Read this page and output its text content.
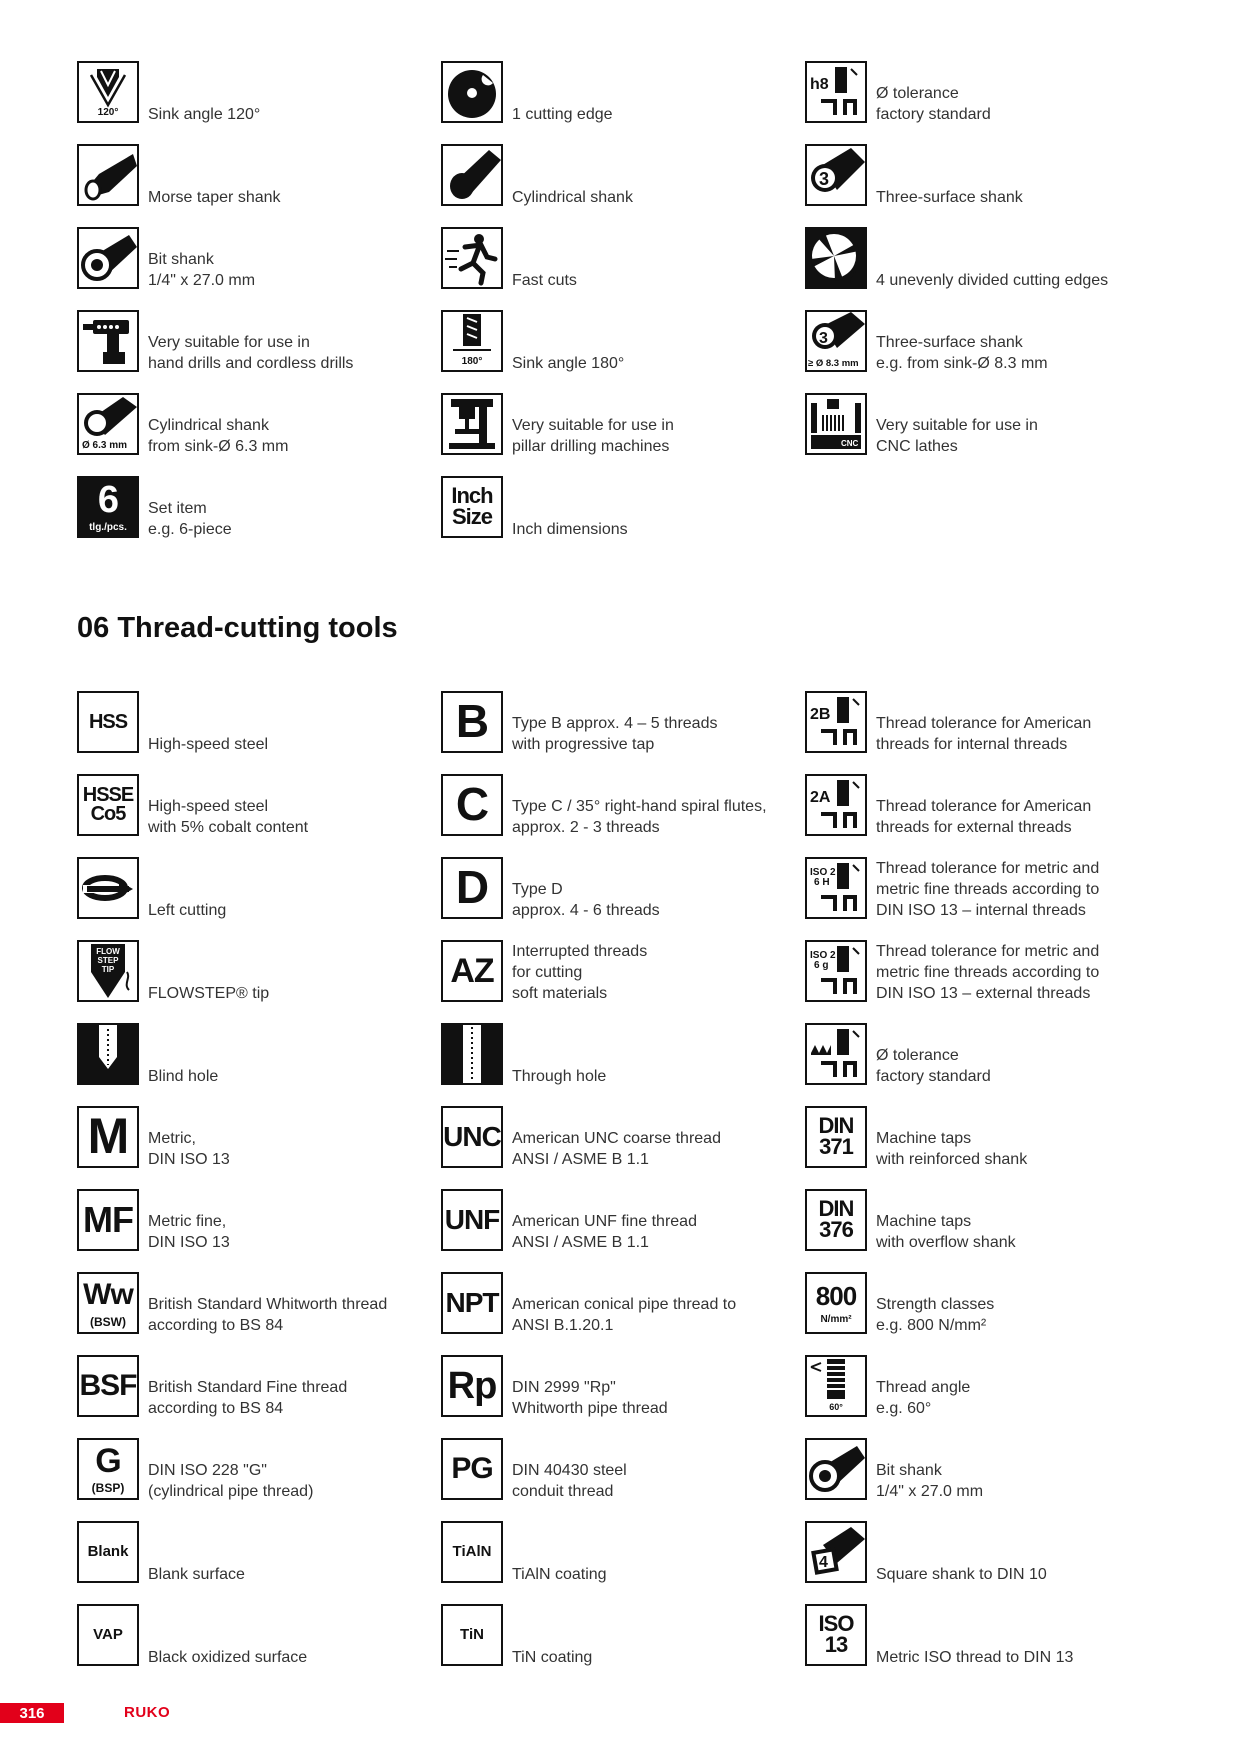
120°	Sink angle 120°	1 cutting edge
h8
Ø tolerance
factory standard
Morse taper shank	Cylindrical shank
3
Three-surface shank
Bit shank
1/4" x 27.0 mm	Fast cuts	4 unevenly divided cutting edges
Very suitable for use in
hand drills and cordless drills	180°	Sink angle 180°
3
≥ Ø 8.3 mm
Three-surface shank
e.g. from sink-Ø 8.3 mm
Ø 6.3 mm
Cylindrical shank
from sink-Ø 6.3 mm
Very suitable for use in
pillar drilling machines	CNC
Very suitable for use in
CNC lathes
6
tlg./pcs.
Set item
e.g. 6-piece
Inch
Size
Inch dimensions
06 Thread-cutting tools
HSS
High-speed steel	B Type B approx. 4 – 5 threads
with progressive tap
2B
Thread tolerance for American
threads for internal threads
HSSE
Co5	High-speed steel
with 5% cobalt content	C Type C / 35° right-hand spiral flutes,
approx. 2 - 3 threads
2A
Thread tolerance for American
threads for external threads
Left cutting	D Type D
approx. 4 - 6 threads
ISO 2 6 H
Thread tolerance for metric and
metric fine threads according to
DIN ISO 13 – internal threads
FLOW STEP TIP
FLOWSTEP® tip
AZ
Interrupted threads
for cutting
soft materials
ISO 2 6 g
Thread tolerance for metric and
metric fine threads according to
DIN ISO 13 – external threads
Blind hole	Through hole
Ø tolerance
factory standard
M Metric,
DIN ISO 13
UNC American UNC coarse thread
ANSI / ASME B 1.1
DIN
371 Machine taps
with reinforced shank
MF Metric fine,
DIN ISO 13
UNF American UNF fine thread
ANSI / ASME B 1.1
DIN
376 Machine taps
with overflow shank
Ww
(BSW)
British Standard Whitworth thread
according to BS 84
NPT American conical pipe thread to
ANSI B.1.20.1
800
N/mm²
Strength classes
e.g. 800 N/mm²
BSF British Standard Fine thread
according to BS 84
Rp DIN 2999 "Rp"
Whitworth pipe thread	60°
Thread angle
e.g. 60°
G
(BSP)
DIN ISO 228 "G"
(cylindrical pipe thread)
PG DIN 40430 steel
conduit thread
Bit shank
1/4" x 27.0 mm
Blank
Blank surface
TiAlN
TiAlN coating
4
Square shank to DIN 10
VAP
Black oxidized surface
TiN
TiN coating
ISO
13
Metric ISO thread to DIN 13
316	RUKO
